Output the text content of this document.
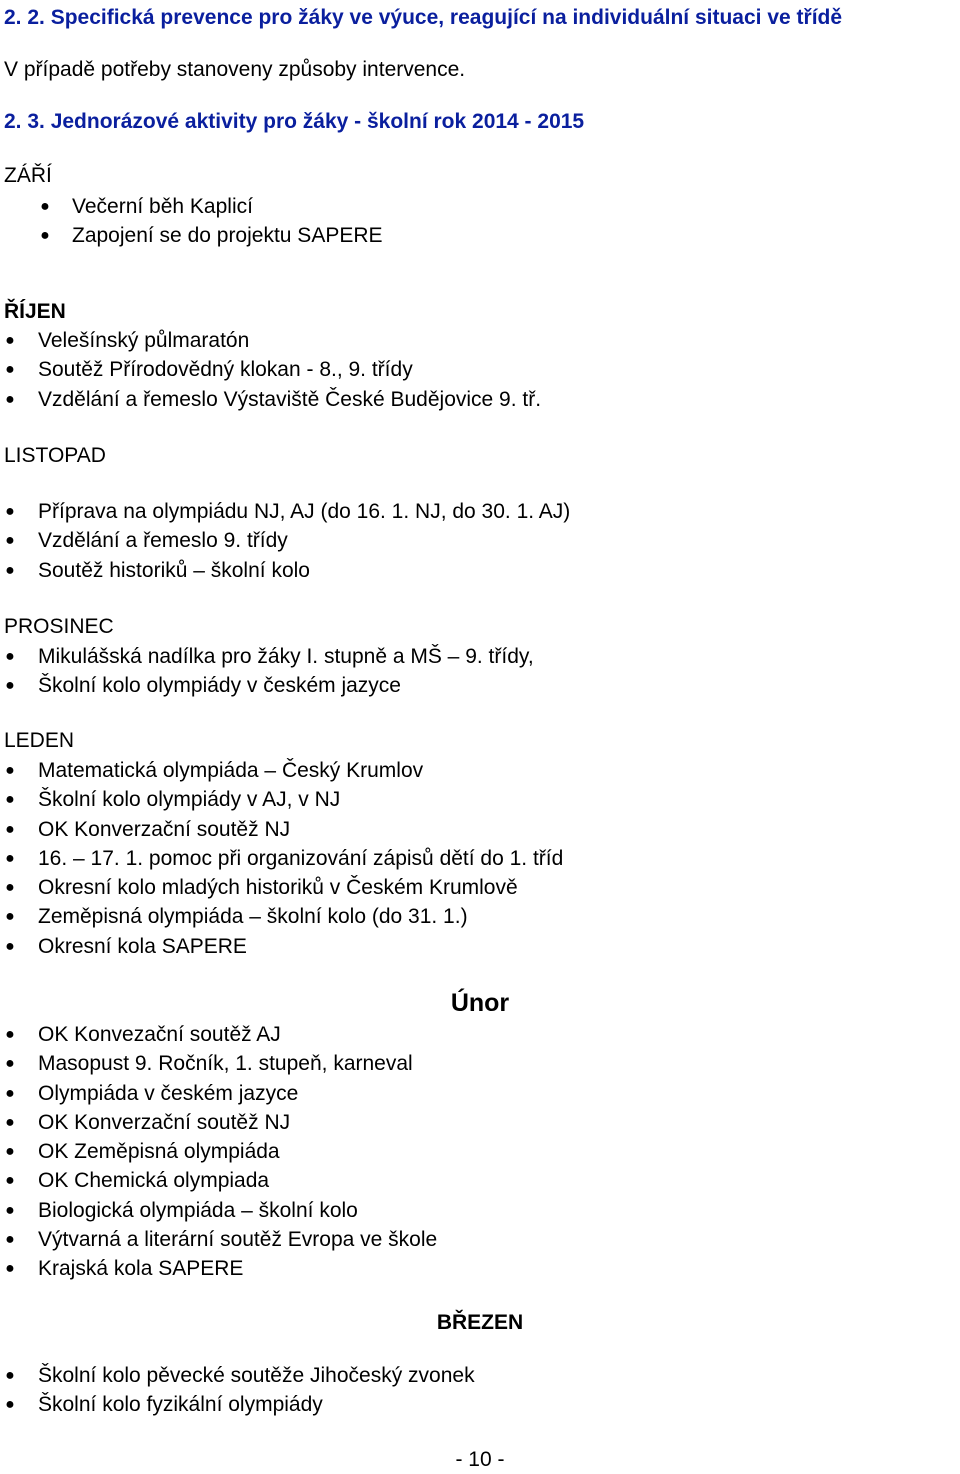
2. 2. Specifická prevence pro žáky ve výuce, reagující na individuální situaci ve třídě
V případě potřeby stanoveny způsoby intervence.
2. 3. Jednorázové aktivity pro žáky - školní rok 2014 - 2015
ZÁŘÍ
● Večerní běh Kaplicí
● Zapojení se do projektu SAPERE
ŘÍJEN
● Velešínský půlmaratón
● Soutěž Přírodovědný klokan - 8., 9. třídy
● Vzdělání a řemeslo Výstaviště České Budějovice 9. tř.
LISTOPAD
● Příprava na olympiádu NJ, AJ (do 16. 1. NJ, do 30. 1. AJ)
● Vzdělání a řemeslo 9. třídy
● Soutěž historiků – školní kolo
PROSINEC
● Mikulášská nadílka pro žáky I. stupně a MŠ – 9. třídy,
● Školní kolo olympiády v českém jazyce
LEDEN
● Matematická olympiáda – Český Krumlov
● Školní kolo olympiády v AJ, v NJ
● OK Konverzační soutěž NJ
● 16. – 17. 1. pomoc při organizování zápisů dětí do 1. tříd
● Okresní kolo mladých historiků v Českém Krumlově
● Zeměpisná olympiáda – školní kolo (do 31. 1.)
● Okresní kola SAPERE
Únor
● OK Konvezační soutěž AJ
● Masopust 9. Ročník, 1. stupeň, karneval
● Olympiáda v českém jazyce
● OK Konverzační soutěž NJ
● OK Zeměpisná olympiáda
● OK Chemická olympiada
● Biologická olympiáda – školní kolo
● Výtvarná a literární soutěž Evropa ve škole
● Krajská kola SAPERE
BŘEZEN
● Školní kolo pěvecké soutěže Jihočeský zvonek
● Školní kolo fyzikální olympiády
- 10 -
